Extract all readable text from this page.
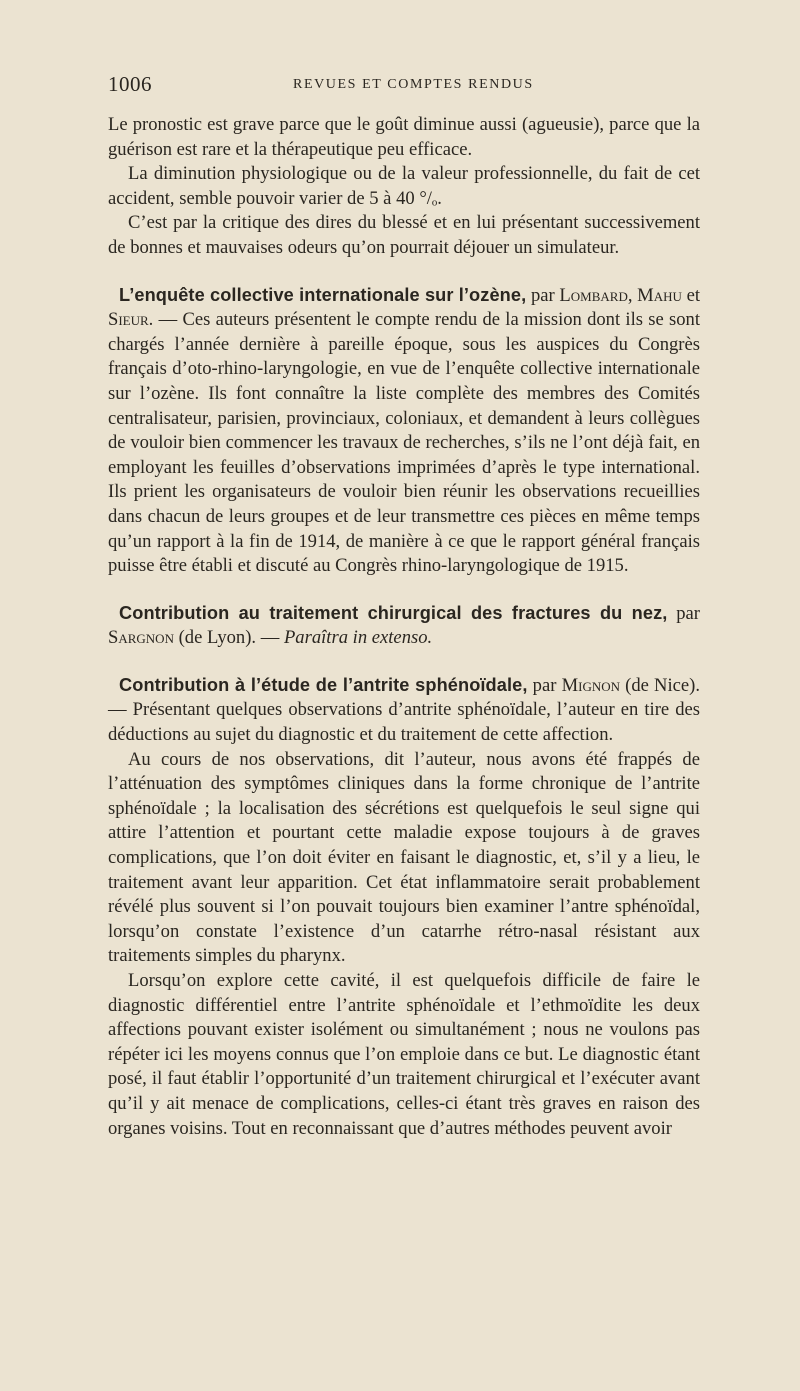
1006	REVUES ET COMPTES RENDUS

Le pronostic est grave parce que le goût diminue aussi (agueusie), parce que la guérison est rare et la thérapeutique peu efficace.

La diminution physiologique ou de la valeur professionnelle, du fait de cet accident, semble pouvoir varier de 5 à 40 °/ₒ.

C’est par la critique des dires du blessé et en lui présentant successivement de bonnes et mauvaises odeurs qu’on pourrait déjouer un simulateur.

L’enquête collective internationale sur l’ozène, par Lombard, Mahu et Sieur. — Ces auteurs présentent le compte rendu de la mission dont ils se sont chargés l’année dernière à pareille époque, sous les auspices du Congrès français d’oto-rhino-laryngologie, en vue de l’enquête collective internationale sur l’ozène. Ils font connaître la liste complète des membres des Comités centralisateur, parisien, provinciaux, coloniaux, et demandent à leurs collègues de vouloir bien commencer les travaux de recherches, s’ils ne l’ont déjà fait, en employant les feuilles d’observations imprimées d’après le type international. Ils prient les organisateurs de vouloir bien réunir les observations recueillies dans chacun de leurs groupes et de leur transmettre ces pièces en même temps qu’un rapport à la fin de 1914, de manière à ce que le rapport général français puisse être établi et discuté au Congrès rhino-laryngologique de 1915.

Contribution au traitement chirurgical des fractures du nez, par Sargnon (de Lyon). — Paraîtra in extenso.

Contribution à l’étude de l’antrite sphénoïdale, par Mignon (de Nice). — Présentant quelques observations d’antrite sphénoïdale, l’auteur en tire des déductions au sujet du diagnostic et du traitement de cette affection.

Au cours de nos observations, dit l’auteur, nous avons été frappés de l’atténuation des symptômes cliniques dans la forme chronique de l’antrite sphénoïdale ; la localisation des sécrétions est quelquefois le seul signe qui attire l’attention et pourtant cette maladie expose toujours à de graves complications, que l’on doit éviter en faisant le diagnostic, et, s’il y a lieu, le traitement avant leur apparition. Cet état inflammatoire serait probablement révélé plus souvent si l’on pouvait toujours bien examiner l’antre sphénoïdal, lorsqu’on constate l’existence d’un catarrhe rétro-nasal résistant aux traitements simples du pharynx.

Lorsqu’on explore cette cavité, il est quelquefois difficile de faire le diagnostic différentiel entre l’antrite sphénoïdale et l’ethmoïdite les deux affections pouvant exister isolément ou simultanément ; nous ne voulons pas répéter ici les moyens connus que l’on emploie dans ce but. Le diagnostic étant posé, il faut établir l’opportunité d’un traitement chirurgical et l’exécuter avant qu’il y ait menace de complications, celles-ci étant très graves en raison des organes voisins. Tout en reconnaissant que d’autres méthodes peuvent avoir
